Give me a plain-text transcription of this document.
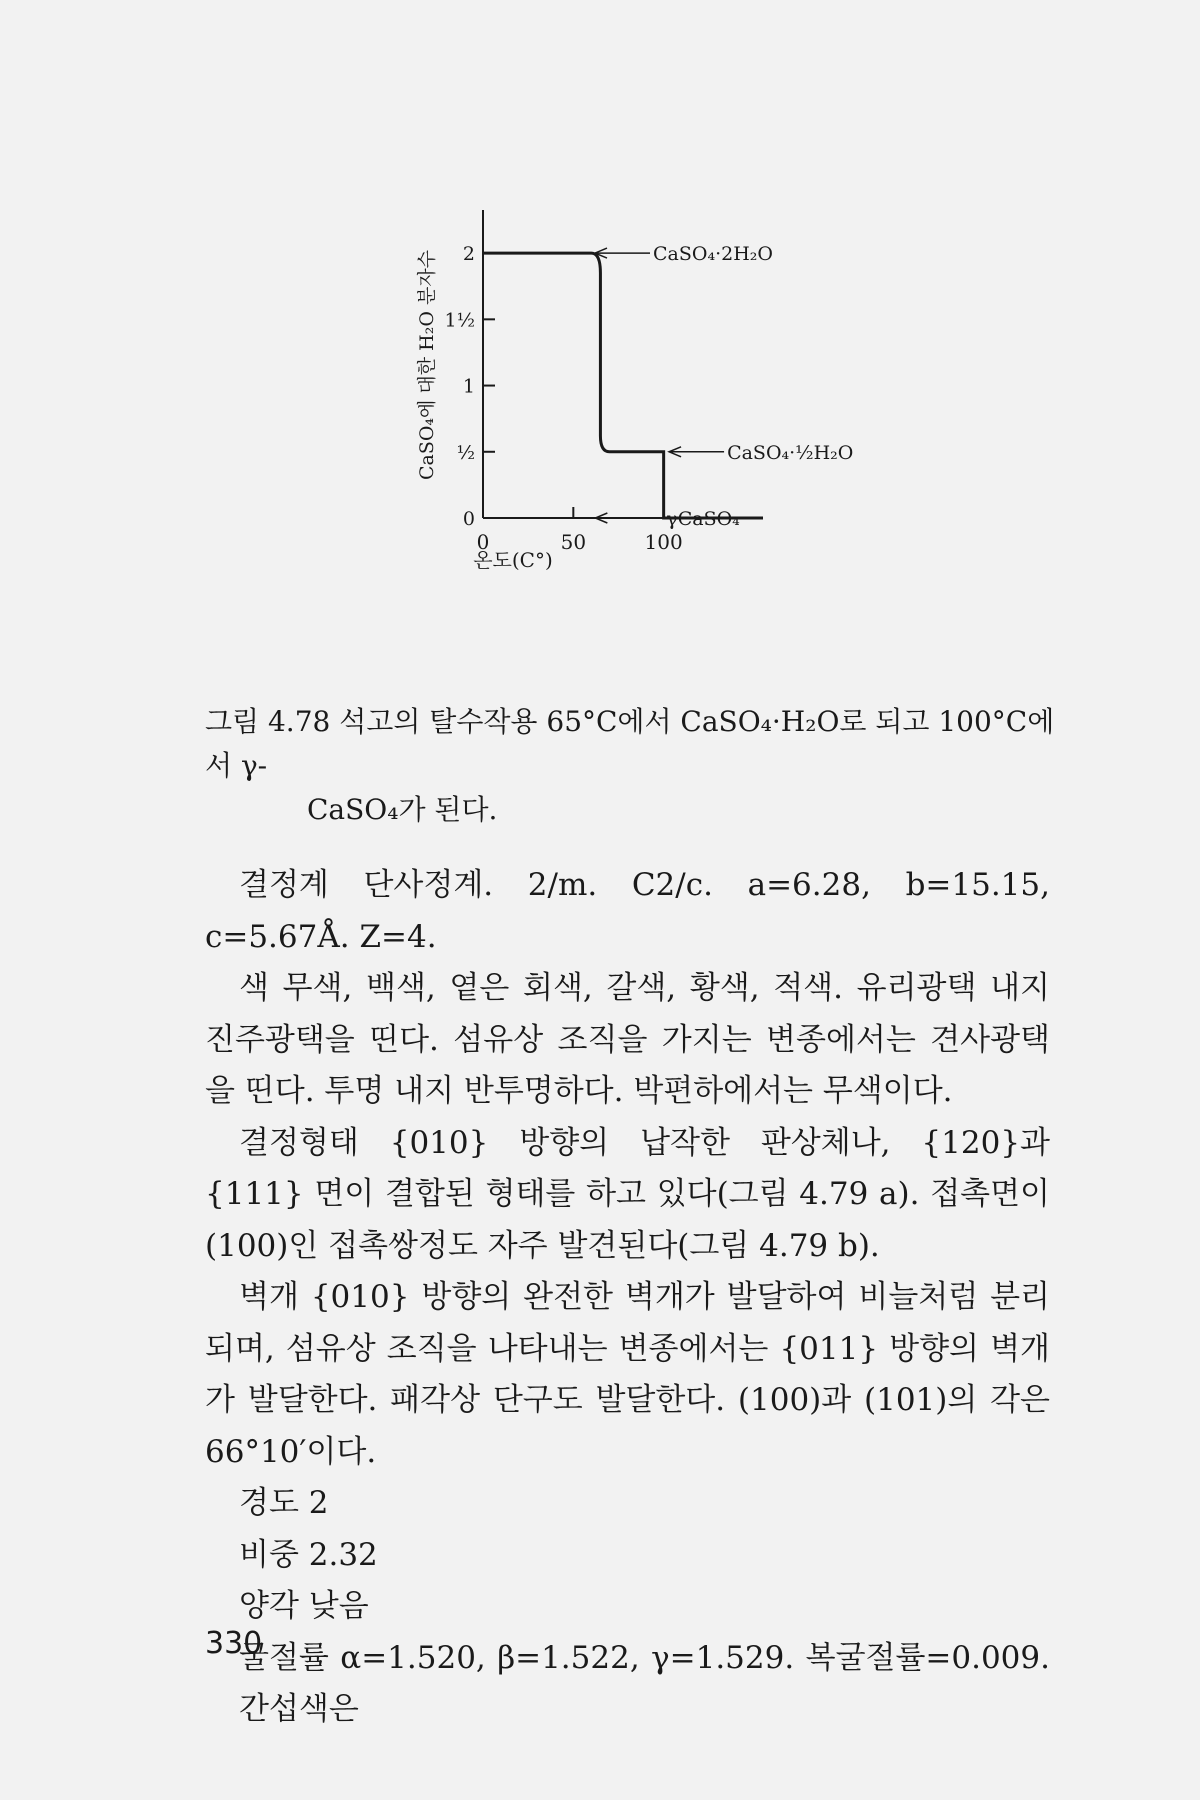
0
½
1
1½
2
0	50	100
CaSO₄·2H₂O
CaSO₄·½H₂O
γCaSO₄
CaSO₄에 대한 H₂O 분자수
온도(C°)
그림 4.78 석고의 탈수작용 65°C에서 CaSO₄·H₂O로 되고 100°C에서 γ-
CaSO₄가 된다.

결정계 단사정계. 2/m. C2/c. a=6.28, b=15.15, c=5.67Å. Z=4.

색 무색, 백색, 옅은 회색, 갈색, 황색, 적색. 유리광택 내지 진주광택을 띤다. 섬유상 조직을 가지는 변종에서는 견사광택을 띤다. 투명 내지 반투명하다. 박편하에서는 무색이다.

결정형태 {010} 방향의 납작한 판상체나, {120}과 {111} 면이 결합된 형태를 하고 있다(그림 4.79 a). 접촉면이 (100)인 접촉쌍정도 자주 발견된다(그림 4.79 b).

벽개 {010} 방향의 완전한 벽개가 발달하여 비늘처럼 분리되며, 섬유상 조직을 나타내는 변종에서는 {011} 방향의 벽개가 발달한다. 패각상 단구도 발달한다. (100)과 (101)의 각은 66°10′이다.

경도 2

비중 2.32

양각 낮음

굴절률 α=1.520, β=1.522, γ=1.529. 복굴절률=0.009. 간섭색은

330
